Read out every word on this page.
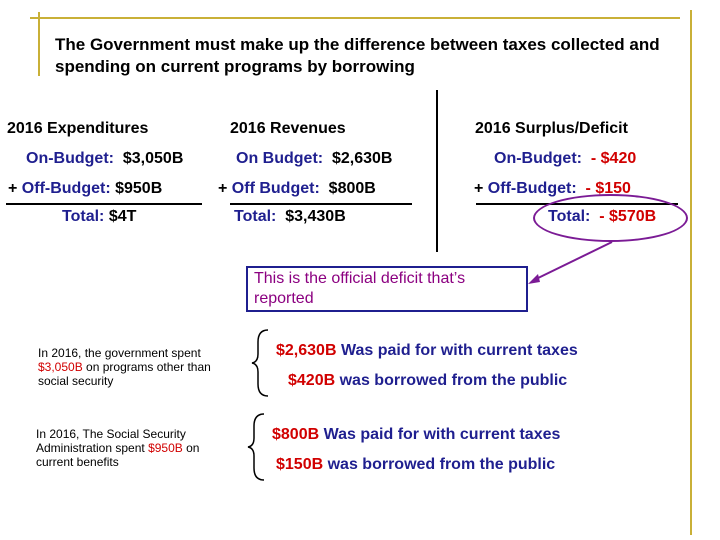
The Government must make up the difference between taxes collected and spending on current programs by borrowing
2016 Expenditures
On-Budget: $3,050B
+ Off-Budget: $950B
Total: $4T
2016 Revenues
On Budget: $2,630B
+ Off Budget: $800B
Total: $3,430B
2016 Surplus/Deficit
On-Budget: - $420
+ Off-Budget: - $150
Total: - $570B
This is the official deficit that’s reported
In 2016, the government spent $3,050B on programs other than social security
In 2016, The Social Security Administration spent $950B on current benefits
$2,630B Was paid for with current taxes
$420B was borrowed from the public
$800B Was paid for with current taxes
$150B was borrowed from the public
